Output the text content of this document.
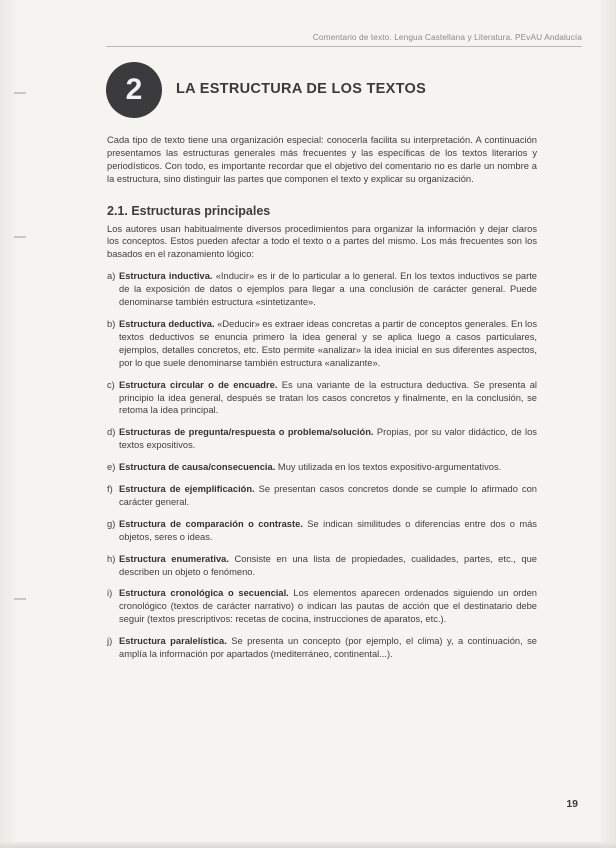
Comentario de texto. Lengua Castellana y Literatura. PEvAU Andalucía
2 LA ESTRUCTURA DE LOS TEXTOS

Cada tipo de texto tiene una organización especial: conocerla facilita su interpretación. A continuación presentamos las estructuras generales más frecuentes y las específicas de los textos literarios y periodísticos. Con todo, es importante recordar que el objetivo del comentario no es darle un nombre a la estructura, sino distinguir las partes que componen el texto y explicar su organización.

2.1. Estructuras principales

Los autores usan habitualmente diversos procedimientos para organizar la información y dejar claros los conceptos. Estos pueden afectar a todo el texto o a partes del mismo. Los más frecuentes son los basados en el razonamiento lógico:

a) Estructura inductiva. «Inducir» es ir de lo particular a lo general. En los textos inductivos se parte de la exposición de datos o ejemplos para llegar a una conclusión de carácter general. Puede denominarse también estructura «sintetizante».
b) Estructura deductiva. «Deducir» es extraer ideas concretas a partir de conceptos generales. En los textos deductivos se enuncia primero la idea general y se aplica luego a casos particulares, ejemplos, detalles concretos, etc. Esto permite «analizar» la idea inicial en sus diferentes aspectos, por lo que suele denominarse también estructura «analizante».
c) Estructura circular o de encuadre. Es una variante de la estructura deductiva. Se presenta al principio la idea general, después se tratan los casos concretos y finalmente, en la conclusión, se retoma la idea principal.
d) Estructuras de pregunta/respuesta o problema/solución. Propias, por su valor didáctico, de los textos expositivos.
e) Estructura de causa/consecuencia. Muy utilizada en los textos expositivo-argumentativos.
f) Estructura de ejemplificación. Se presentan casos concretos donde se cumple lo afirmado con carácter general.
g) Estructura de comparación o contraste. Se indican similitudes o diferencias entre dos o más objetos, seres o ideas.
h) Estructura enumerativa. Consiste en una lista de propiedades, cualidades, partes, etc., que describen un objeto o fenómeno.
i) Estructura cronológica o secuencial. Los elementos aparecen ordenados siguiendo un orden cronológico (textos de carácter narrativo) o indican las pautas de acción que el destinatario debe seguir (textos prescriptivos: recetas de cocina, instrucciones de aparatos, etc.).
j) Estructura paralelística. Se presenta un concepto (por ejemplo, el clima) y, a continuación, se amplía la información por apartados (mediterráneo, continental...).
19
